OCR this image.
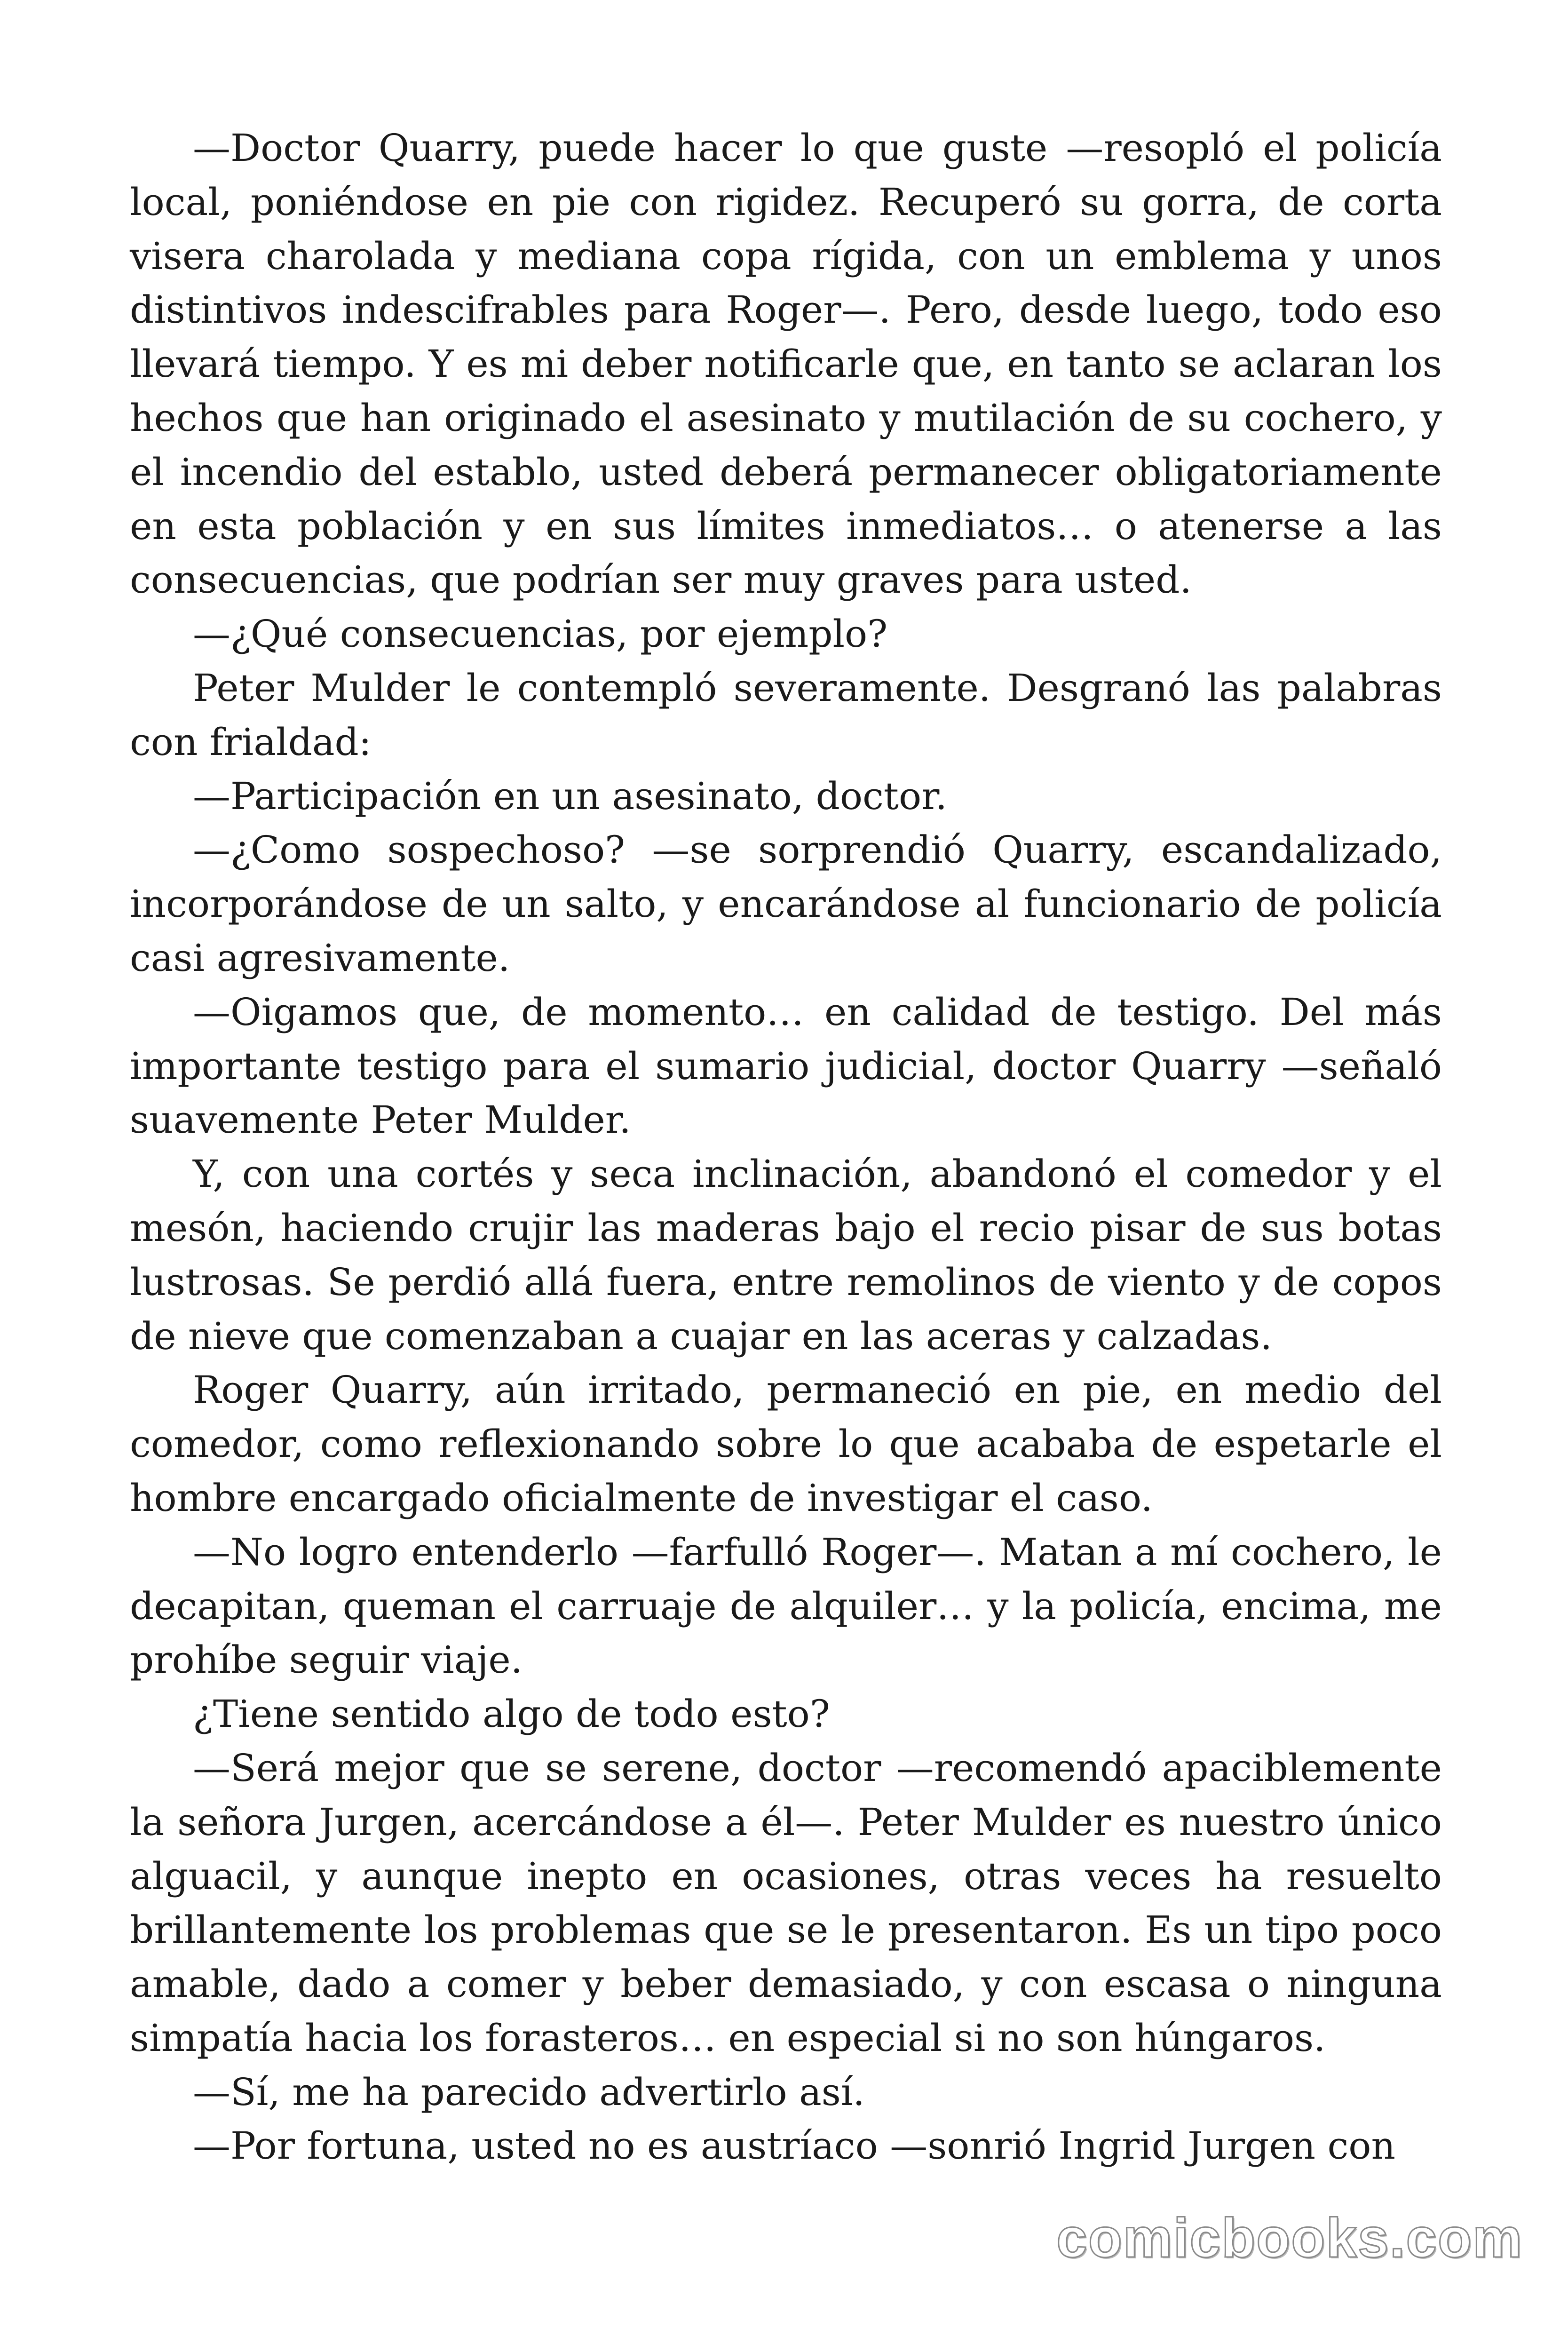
—Doctor Quarry, puede hacer lo que guste —resopló el policía local, poniéndose en pie con rigidez. Recuperó su gorra, de corta visera charolada y mediana copa rígida, con un emblema y unos distintivos indescifrables para Roger—. Pero, desde luego, todo eso llevará tiempo. Y es mi deber notificarle que, en tanto se aclaran los hechos que han originado el asesinato y mutilación de su cochero, y el incendio del establo, usted deberá permanecer obligatoriamente en esta población y en sus límites inmediatos… o atenerse a las consecuencias, que podrían ser muy graves para usted.

—¿Qué consecuencias, por ejemplo?

Peter Mulder le contempló severamente. Desgranó las palabras con frialdad:

—Participación en un asesinato, doctor.

—¿Como sospechoso? —se sorprendió Quarry, escandalizado, incorporándose de un salto, y encarándose al funcionario de policía casi agresivamente.

—Oigamos que, de momento… en calidad de testigo. Del más importante testigo para el sumario judicial, doctor Quarry —señaló suavemente Peter Mulder.

Y, con una cortés y seca inclinación, abandonó el comedor y el mesón, haciendo crujir las maderas bajo el recio pisar de sus botas lustrosas. Se perdió allá fuera, entre remolinos de viento y de copos de nieve que comenzaban a cuajar en las aceras y calzadas.

Roger Quarry, aún irritado, permaneció en pie, en medio del comedor, como reflexionando sobre lo que acababa de espetarle el hombre encargado oficialmente de investigar el caso.

—No logro entenderlo —farfulló Roger—. Matan a mí cochero, le decapitan, queman el carruaje de alquiler… y la policía, encima, me prohíbe seguir viaje.

¿Tiene sentido algo de todo esto?

—Será mejor que se serene, doctor —recomendó apaciblemente la señora Jurgen, acercándose a él—. Peter Mulder es nuestro único alguacil, y aunque inepto en ocasiones, otras veces ha resuelto brillantemente los problemas que se le presentaron. Es un tipo poco amable, dado a comer y beber demasiado, y con escasa o ninguna simpatía hacia los forasteros… en especial si no son húngaros.

—Sí, me ha parecido advertirlo así.

—Por fortuna, usted no es austríaco —sonrió Ingrid Jurgen con

comicbooks.com
